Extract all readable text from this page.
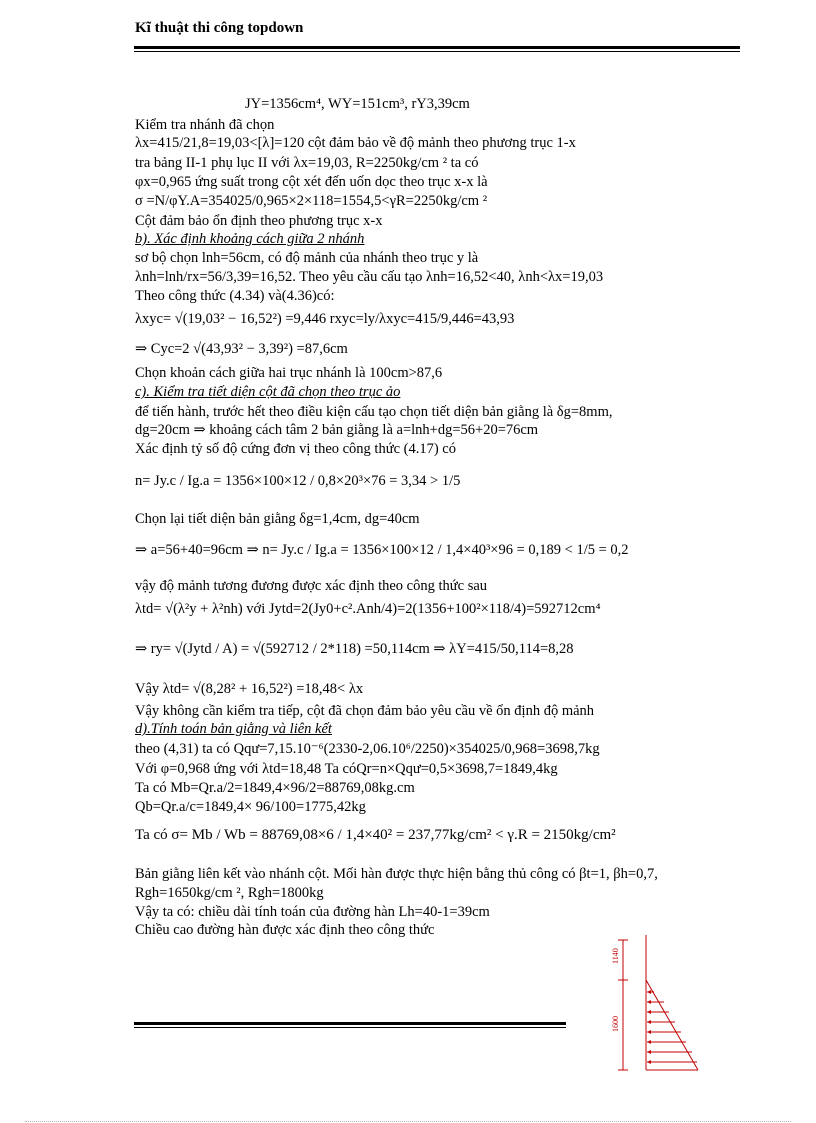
Kĩ thuật thi công topdown
JY=1356cm⁴, WY=151cm³, rY3,39cm
Kiểm tra nhánh đã chọn
λx=415/21,8=19,03<[λ]=120 cột đảm bảo về độ mảnh theo phương trục 1-x
tra bảng II-1 phụ lục II với λx=19,03, R=2250kg/cm ² ta có
φx=0,965 ứng suất trong cột xét đến uốn dọc theo trục x-x là
σ =N/φY.A=354025/0,965×2×118=1554,5<γR=2250kg/cm ²
Cột đảm bảo ổn định theo phương trục x-x
b). Xác định khoảng cách giữa 2 nhánh
sơ bộ chọn lnh=56cm, có độ mảnh của nhánh theo trục y là
λnh=lnh/rx=56/3,39=16,52. Theo yêu cầu cấu tạo λnh=16,52<40, λnh<λx=19,03
Theo công thức (4.34) và(4.36)có:
λxyc= √(19,03² − 16,52²) =9,446 rxyc=ly/λxyc=415/9,446=43,93
⇒ Cyc=2 √(43,93² − 3,39²) =87,6cm
Chọn khoản cách giữa hai trục nhánh là 100cm>87,6
c). Kiểm tra tiết diện cột đã chọn theo trục ảo
để tiến hành, trước hết theo điều kiện cấu tạo chọn tiết diện bản giằng là δg=8mm,
dg=20cm ⇒ khoảng cách tâm 2 bản giằng là a=lnh+dg=56+20=76cm
Xác định tỷ số độ cứng đơn vị theo công thức (4.17) có
n= Jy.c / Ig.a = 1356×100×12 / 0,8×20³×76 = 3,34 > 1/5
Chọn lại tiết diện bản giằng δg=1,4cm, dg=40cm
⇒ a=56+40=96cm ⇒ n= Jy.c / Ig.a = 1356×100×12 / 1,4×40³×96 = 0,189 < 1/5 = 0,2
vậy độ mảnh tương đương được xác định theo công thức sau
λtd= √(λ²y + λ²nh) với Jytd=2(Jy0+c².Anh/4)=2(1356+100²×118/4)=592712cm⁴
⇒ ry= √(Jytd / A) = √(592712 / 2*118) =50,114cm ⇒ λY=415/50,114=8,28
Vậy λtd= √(8,28² + 16,52²) =18,48< λx
Vậy không cần kiểm tra tiếp, cột đã chọn đảm bảo yêu cầu về ổn định độ mảnh
d).Tính toán bản giằng và liên kết
theo (4,31) ta có Qqư=7,15.10⁻⁶(2330-2,06.10⁶/2250)×354025/0,968=3698,7kg
Với φ=0,968 ứng với λtd=18,48 Ta cóQr=n×Qqư=0,5×3698,7=1849,4kg
Ta có Mb=Qr.a/2=1849,4×96/2=88769,08kg.cm
Qb=Qr.a/c=1849,4× 96/100=1775,42kg
Ta có σ= Mb / Wb = 88769,08×6 / 1,4×40² = 237,77kg/cm² < γ.R = 2150kg/cm²
Bản giằng liên kết vào nhánh cột. Mối hàn được thực hiện bằng thủ công có βt=1, βh=0,7,
Rgh=1650kg/cm ², Rgh=1800kg
Vậy ta có: chiều dài tính toán của đường hàn Lh=40-1=39cm
Chiều cao đường hàn được xác định theo công thức
1140
1600
